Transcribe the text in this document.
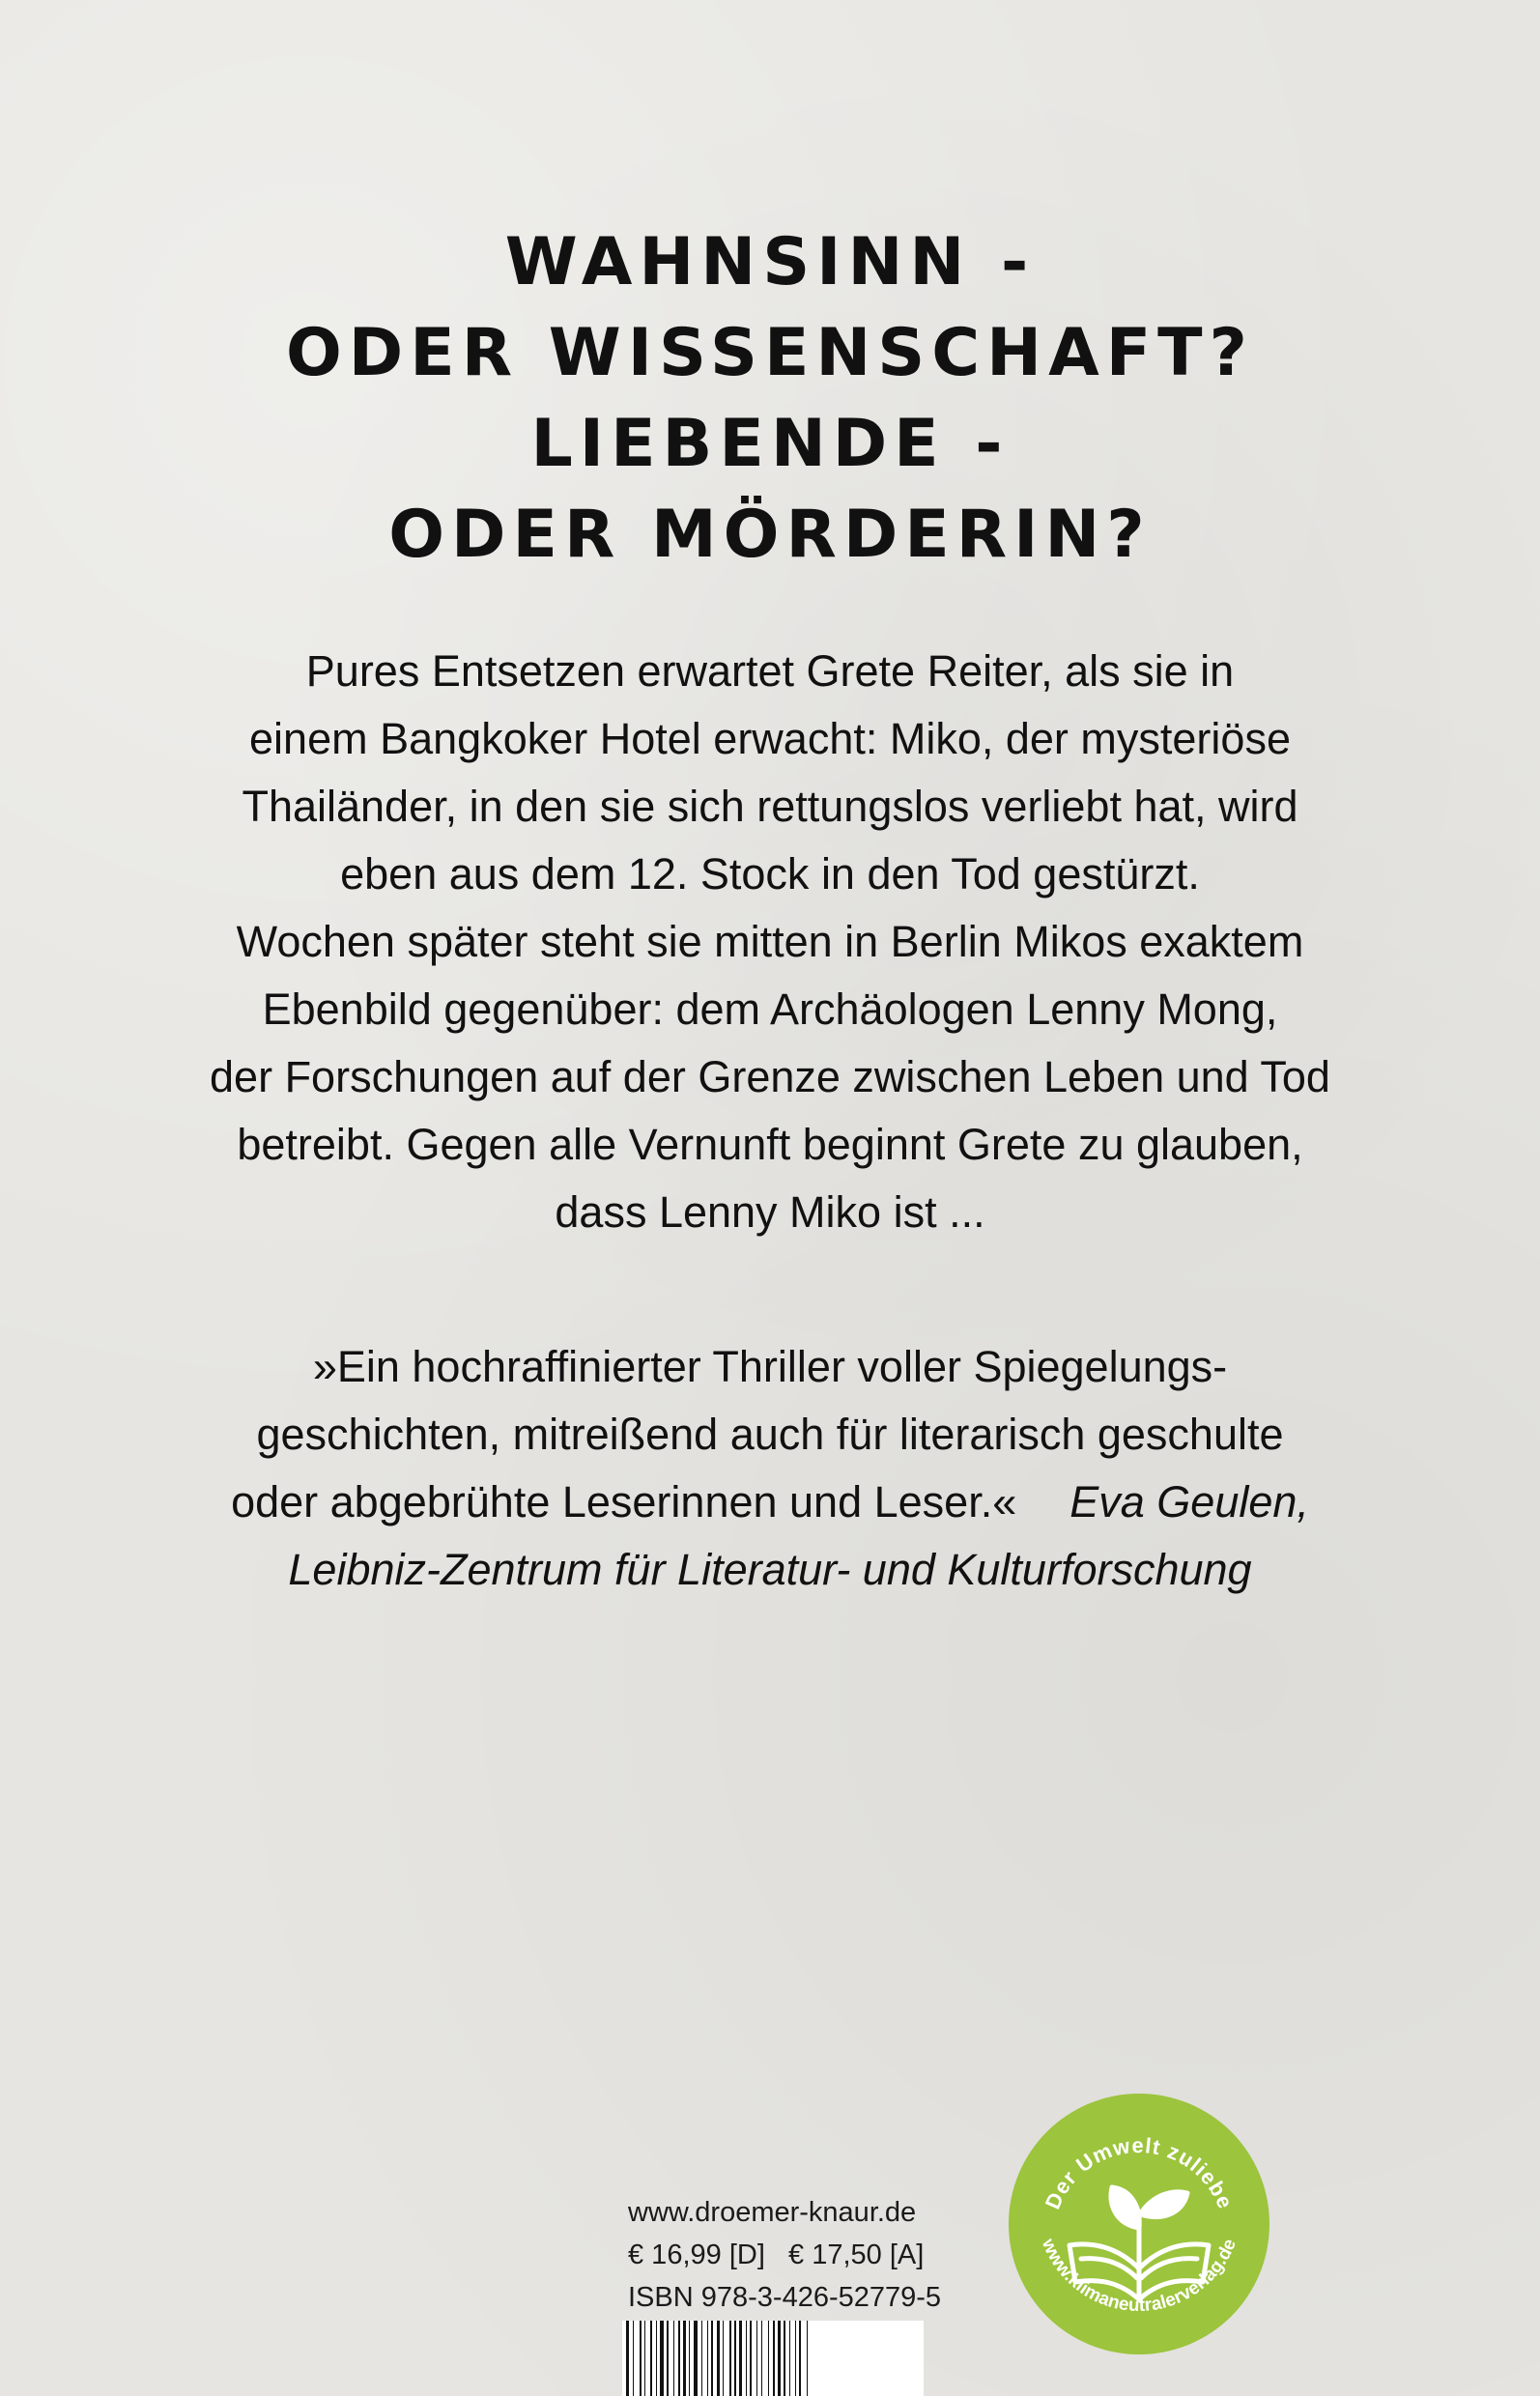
WAHNSINN -
ODER WISSENSCHAFT?
LIEBENDE -
ODER MÖRDERIN?
Pures Entsetzen erwartet Grete Reiter, als sie in
einem Bangkoker Hotel erwacht: Miko, der mysteriöse
Thailänder, in den sie sich rettungslos verliebt hat, wird
eben aus dem 12. Stock in den Tod gestürzt.
Wochen später steht sie mitten in Berlin Mikos exaktem
Ebenbild gegenüber: dem Archäologen Lenny Mong,
der Forschungen auf der Grenze zwischen Leben und Tod
betreibt. Gegen alle Vernunft beginnt Grete zu glauben,
dass Lenny Miko ist ...
»Ein hochraffinierter Thriller voller Spiegelungs-
geschichten, mitreißend auch für literarisch geschulte
oder abgebrühte Leserinnen und Leser.« Eva Geulen,
Leibniz-Zentrum für Literatur- und Kulturforschung
www.droemer-knaur.de
€ 16,99 [D]   € 17,50 [A]
ISBN 978-3-426-52779-5
Der Umwelt zuliebe
www.klimaneutralerverlag.de
